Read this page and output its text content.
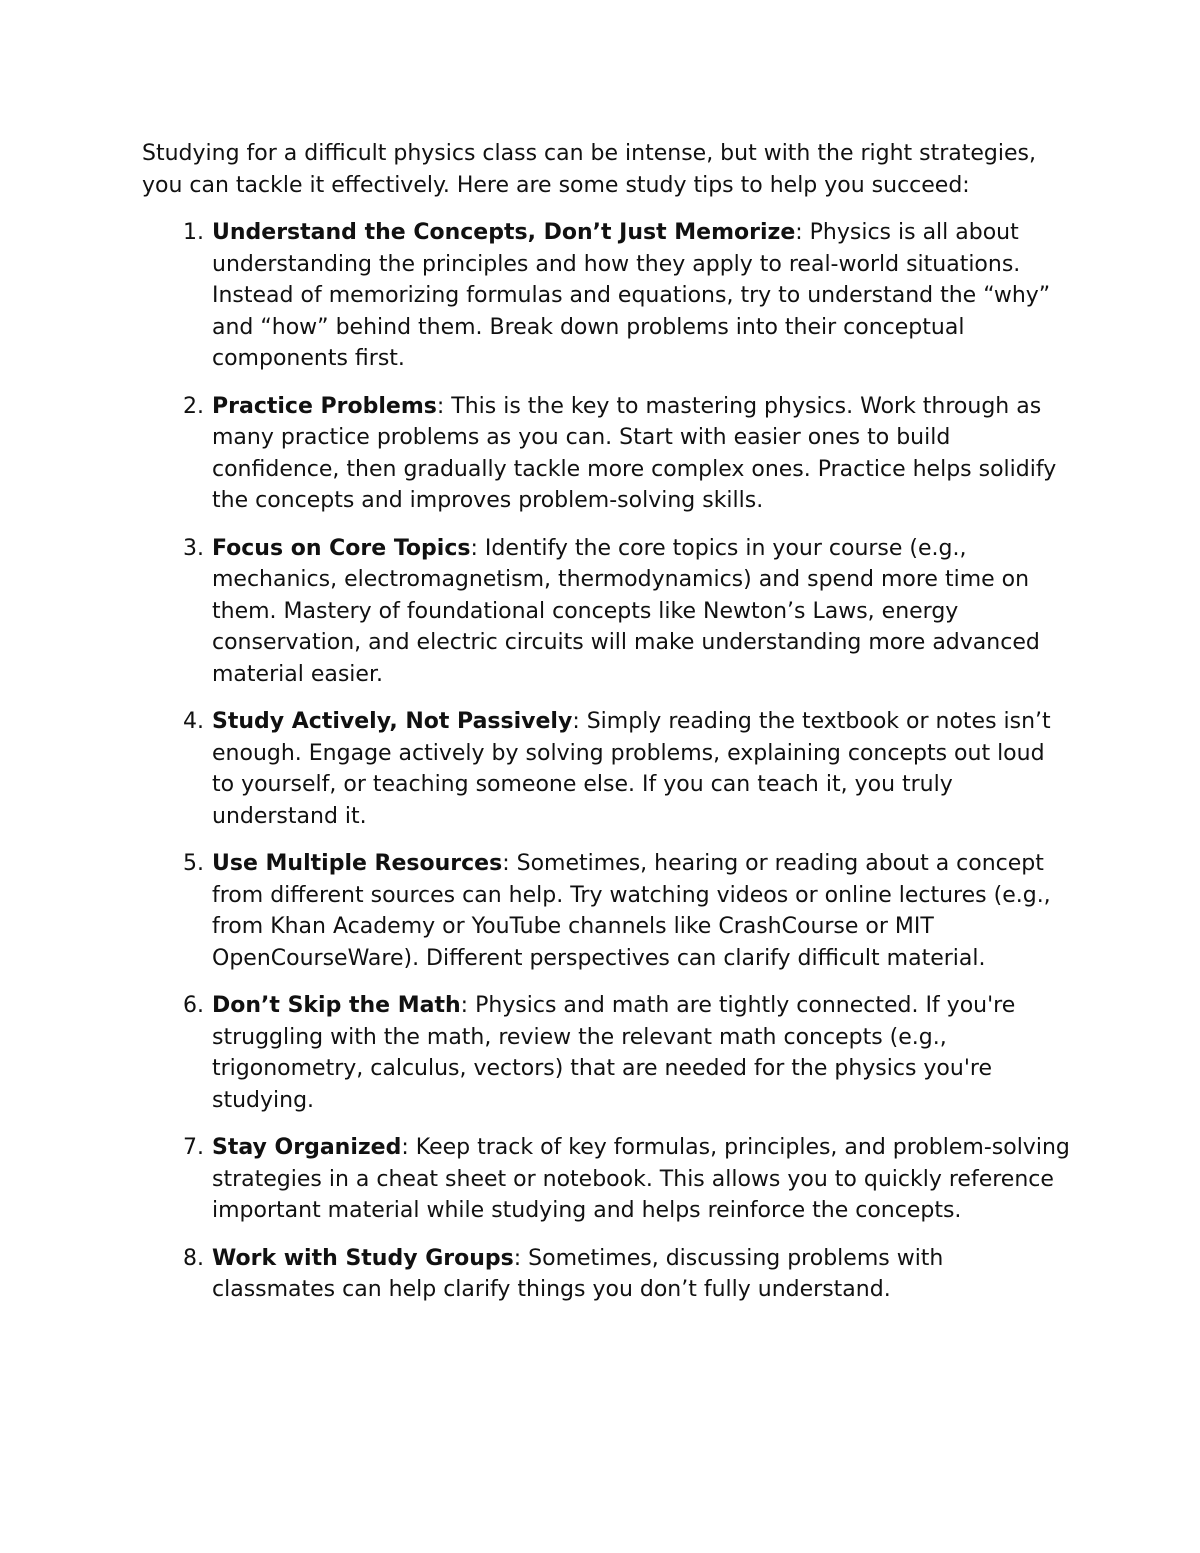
Studying for a difficult physics class can be intense, but with the right strategies, you can tackle it effectively. Here are some study tips to help you succeed:

1. Understand the Concepts, Don’t Just Memorize: Physics is all about understanding the principles and how they apply to real-world situations. Instead of memorizing formulas and equations, try to understand the “why” and “how” behind them. Break down problems into their conceptual components first.
2. Practice Problems: This is the key to mastering physics. Work through as many practice problems as you can. Start with easier ones to build confidence, then gradually tackle more complex ones. Practice helps solidify the concepts and improves problem-solving skills.
3. Focus on Core Topics: Identify the core topics in your course (e.g., mechanics, electromagnetism, thermodynamics) and spend more time on them. Mastery of foundational concepts like Newton’s Laws, energy conservation, and electric circuits will make understanding more advanced material easier.
4. Study Actively, Not Passively: Simply reading the textbook or notes isn’t enough. Engage actively by solving problems, explaining concepts out loud to yourself, or teaching someone else. If you can teach it, you truly understand it.
5. Use Multiple Resources: Sometimes, hearing or reading about a concept from different sources can help. Try watching videos or online lectures (e.g., from Khan Academy or YouTube channels like CrashCourse or MIT OpenCourseWare). Different perspectives can clarify difficult material.
6. Don’t Skip the Math: Physics and math are tightly connected. If you're struggling with the math, review the relevant math concepts (e.g., trigonometry, calculus, vectors) that are needed for the physics you're studying.
7. Stay Organized: Keep track of key formulas, principles, and problem-solving strategies in a cheat sheet or notebook. This allows you to quickly reference important material while studying and helps reinforce the concepts.
8. Work with Study Groups: Sometimes, discussing problems with classmates can help clarify things you don’t fully understand.
